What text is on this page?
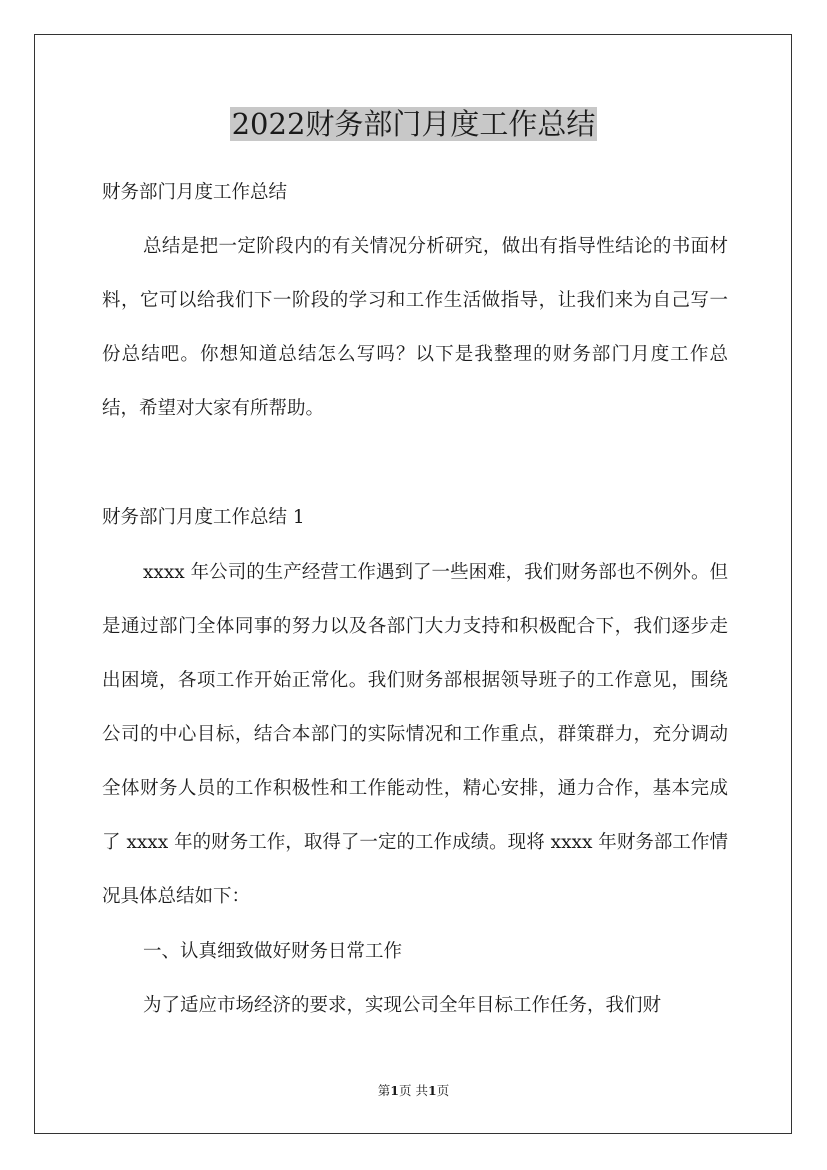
2022财务部门月度工作总结

财务部门月度工作总结

总结是把一定阶段内的有关情况分析研究，做出有指导性结论的书面材料，它可以给我们下一阶段的学习和工作生活做指导，让我们来为自己写一份总结吧。你想知道总结怎么写吗？以下是我整理的财务部门月度工作总结，希望对大家有所帮助。

财务部门月度工作总结 1

xxxx 年公司的生产经营工作遇到了一些困难，我们财务部也不例外。但是通过部门全体同事的努力以及各部门大力支持和积极配合下，我们逐步走出困境，各项工作开始正常化。我们财务部根据领导班子的工作意见，围绕公司的中心目标，结合本部门的实际情况和工作重点，群策群力，充分调动全体财务人员的工作积极性和工作能动性，精心安排，通力合作，基本完成了 xxxx 年的财务工作，取得了一定的工作成绩。现将 xxxx 年财务部工作情况具体总结如下：

一、认真细致做好财务日常工作

为了适应市场经济的要求，实现公司全年目标工作任务，我们财

第1页 共1页
